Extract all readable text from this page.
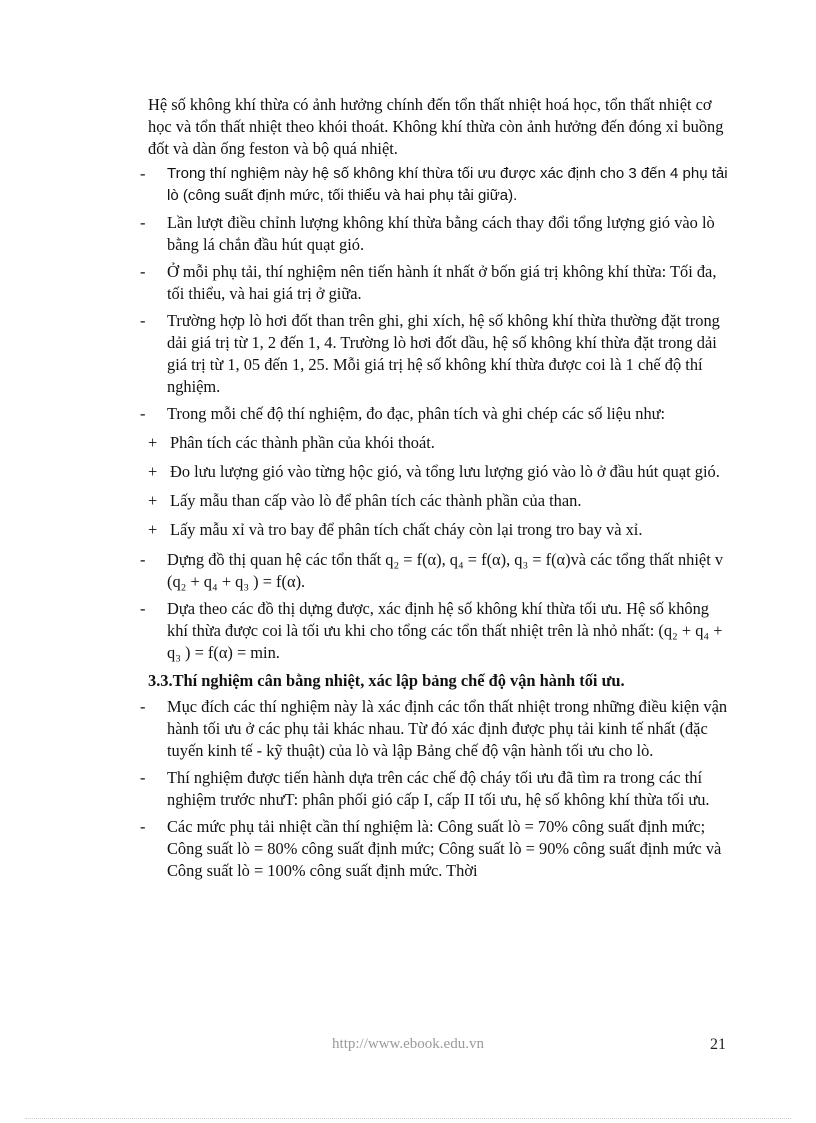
Hệ số không khí thừa có ảnh hưởng chính đến tổn thất nhiệt hoá học, tổn thất nhiệt cơ học và tổn thất nhiệt theo khói thoát. Không khí thừa còn ảnh hưởng đến đóng xỉ buồng đốt và dàn ống feston và bộ quá nhiệt.

-	Trong thí nghiệm này hệ số không khí thừa tối ưu được xác định cho 3 đến 4 phụ tải lò (công suất định mức, tối thiểu và hai phụ tải giữa).
-	Lần lượt điều chỉnh lượng không khí thừa bằng cách thay đổi tổng lượng gió vào lò bằng lá chắn đầu hút quạt gió.
-	Ở mỗi phụ tải, thí nghiệm nên tiến hành ít nhất ở bốn giá trị không khí thừa: Tối đa, tối thiểu, và hai giá trị ở giữa.
-	Trường hợp lò hơi đốt than trên ghi, ghi xích, hệ số không khí thừa thường đặt trong dải giá trị từ 1, 2 đến 1, 4. Trường lò hơi đốt dầu, hệ số không khí thừa đặt trong dải giá trị từ 1, 05 đến 1, 25. Mỗi giá trị hệ số không khí thừa được coi là 1 chế độ thí nghiệm.
-	Trong mỗi chế độ thí nghiệm, đo đạc, phân tích và ghi chép các số liệu như:
+ Phân tích các thành phần của khói thoát.
+ Đo lưu lượng gió vào từng hộc gió, và tổng lưu lượng gió vào lò ở đầu hút quạt gió.
+ Lấy mẫu than cấp vào lò để phân tích các thành phần của than.
+ Lấy mẫu xỉ và tro bay để phân tích chất cháy còn lại trong tro bay và xỉ.
-	Dựng đồ thị quan hệ các tổn thất q₂ = f(α), q₄ = f(α), q₃ = f(α)và các tổng thất nhiệt v (q₂ + q₄ + q₃ ) = f(α).
-	Dựa theo các đồ thị dựng được, xác định hệ số không khí thừa tối ưu. Hệ số không khí thừa được coi là tối ưu khi cho tổng các tổn thất nhiệt trên là nhỏ nhất: (q₂ + q₄ + q₃ ) = f(α) = min.
3.3.Thí nghiệm cân bằng nhiệt, xác lập bảng chế độ vận hành tối ưu.
-	Mục đích các thí nghiệm này là xác định các tổn thất nhiệt trong những điều kiện vận hành tối ưu ở các phụ tải khác nhau. Từ đó xác định được phụ tải kinh tế nhất (đặc tuyến kinh tế - kỹ thuật) của lò và lập Bảng chế độ vận hành tối ưu cho lò.
-	Thí nghiệm được tiến hành dựa trên các chế độ cháy tối ưu đã tìm ra trong các thí nghiệm trước nhưT: phân phối gió cấp I, cấp II tối ưu, hệ số không khí thừa tối ưu.
-	Các mức phụ tải nhiệt cần thí nghiệm là: Công suất lò = 70% công suất định mức; Công suất lò = 80% công suất định mức; Công suất lò = 90% công suất định mức và Công suất lò = 100% công suất định mức. Thời
http://www.ebook.edu.vn	21
